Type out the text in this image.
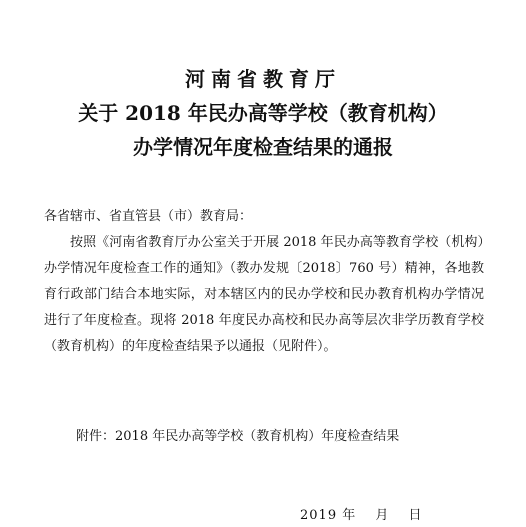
河南省教育厅
关于 2018 年民办高等学校（教育机构）
办学情况年度检查结果的通报

各省辖市、省直管县（市）教育局：

按照《河南省教育厅办公室关于开展 2018 年民办高等教育学校（机构）办学情况年度检查工作的通知》（教办发规〔2018〕760 号）精神，各地教育行政部门结合本地实际，对本辖区内的民办学校和民办教育机构办学情况进行了年度检查。现将 2018 年度民办高校和民办高等层次非学历教育学校（教育机构）的年度检查结果予以通报（见附件）。

附件：2018 年民办高等学校（教育机构）年度检查结果
2019 年　 月　 日
